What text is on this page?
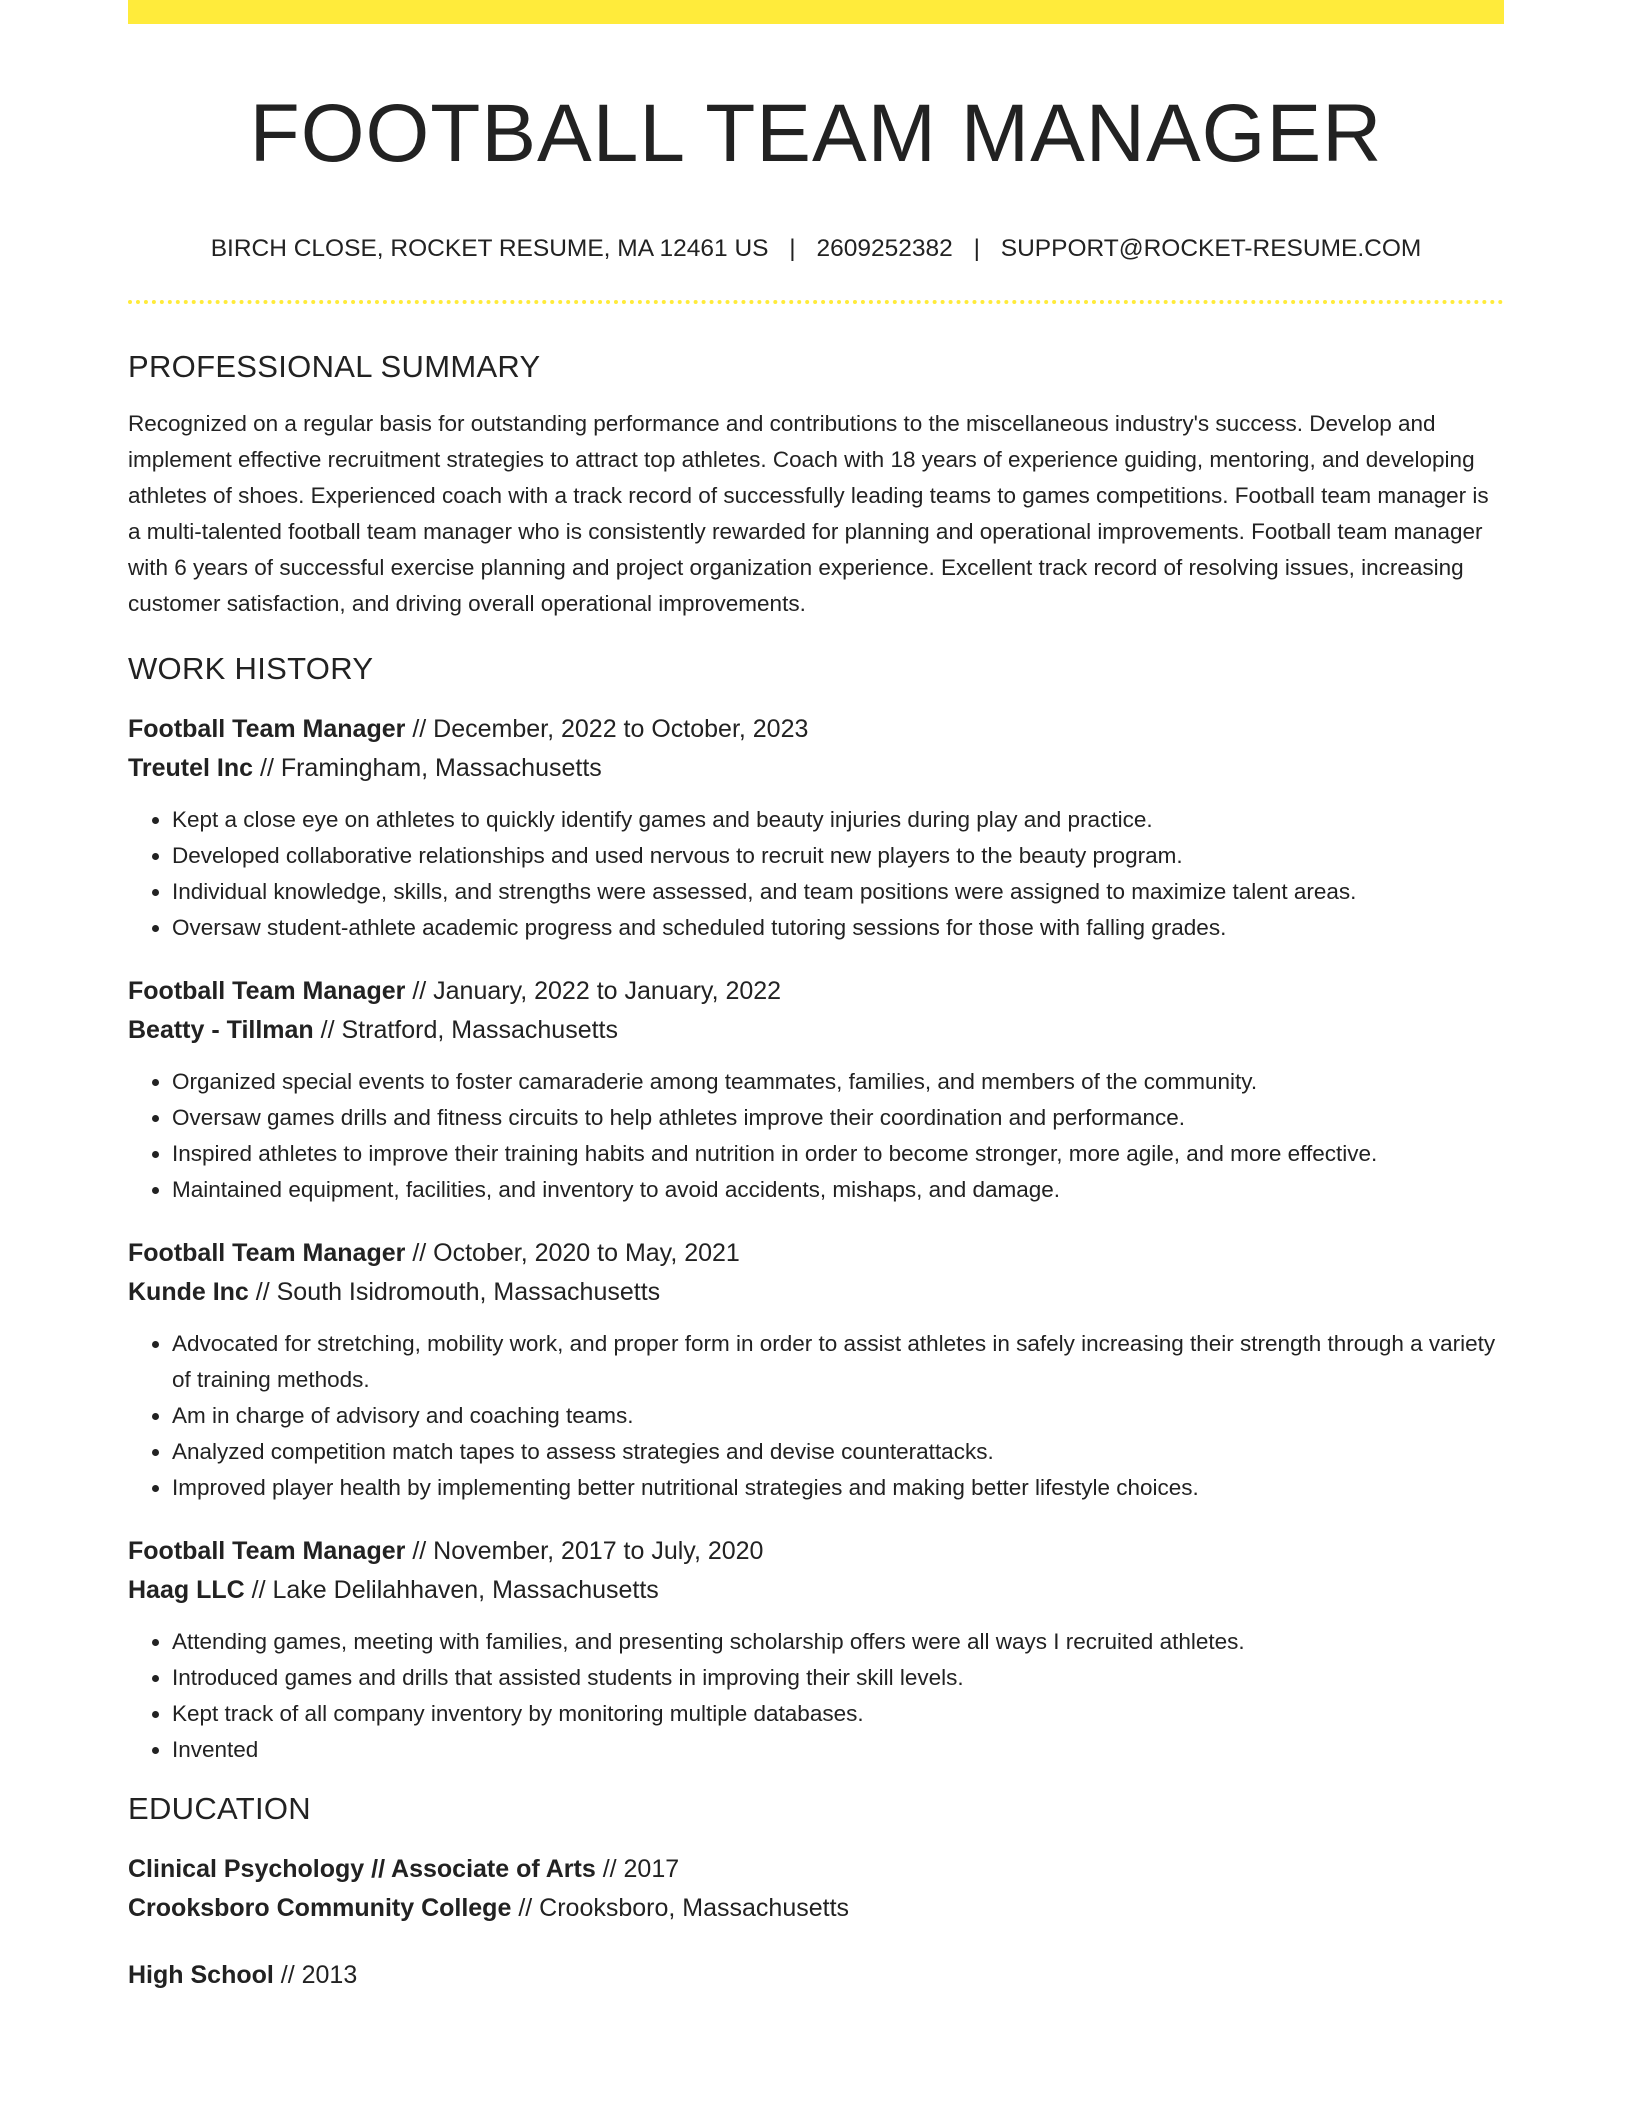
FOOTBALL TEAM MANAGER
BIRCH CLOSE, ROCKET RESUME, MA 12461 US | 2609252382 | SUPPORT@ROCKET-RESUME.COM
PROFESSIONAL SUMMARY
Recognized on a regular basis for outstanding performance and contributions to the miscellaneous industry's success. Develop and implement effective recruitment strategies to attract top athletes. Coach with 18 years of experience guiding, mentoring, and developing athletes of shoes. Experienced coach with a track record of successfully leading teams to games competitions. Football team manager is a multi-talented football team manager who is consistently rewarded for planning and operational improvements. Football team manager with 6 years of successful exercise planning and project organization experience. Excellent track record of resolving issues, increasing customer satisfaction, and driving overall operational improvements.
WORK HISTORY
Football Team Manager // December, 2022 to October, 2023
Treutel Inc // Framingham, Massachusetts
• Kept a close eye on athletes to quickly identify games and beauty injuries during play and practice.
• Developed collaborative relationships and used nervous to recruit new players to the beauty program.
• Individual knowledge, skills, and strengths were assessed, and team positions were assigned to maximize talent areas.
• Oversaw student-athlete academic progress and scheduled tutoring sessions for those with falling grades.
Football Team Manager // January, 2022 to January, 2022
Beatty - Tillman // Stratford, Massachusetts
• Organized special events to foster camaraderie among teammates, families, and members of the community.
• Oversaw games drills and fitness circuits to help athletes improve their coordination and performance.
• Inspired athletes to improve their training habits and nutrition in order to become stronger, more agile, and more effective.
• Maintained equipment, facilities, and inventory to avoid accidents, mishaps, and damage.
Football Team Manager // October, 2020 to May, 2021
Kunde Inc // South Isidromouth, Massachusetts
• Advocated for stretching, mobility work, and proper form in order to assist athletes in safely increasing their strength through a variety of training methods.
• Am in charge of advisory and coaching teams.
• Analyzed competition match tapes to assess strategies and devise counterattacks.
• Improved player health by implementing better nutritional strategies and making better lifestyle choices.
Football Team Manager // November, 2017 to July, 2020
Haag LLC // Lake Delilahhaven, Massachusetts
• Attending games, meeting with families, and presenting scholarship offers were all ways I recruited athletes.
• Introduced games and drills that assisted students in improving their skill levels.
• Kept track of all company inventory by monitoring multiple databases.
• Invented
EDUCATION
Clinical Psychology // Associate of Arts // 2017
Crooksboro Community College // Crooksboro, Massachusetts
High School // 2013
